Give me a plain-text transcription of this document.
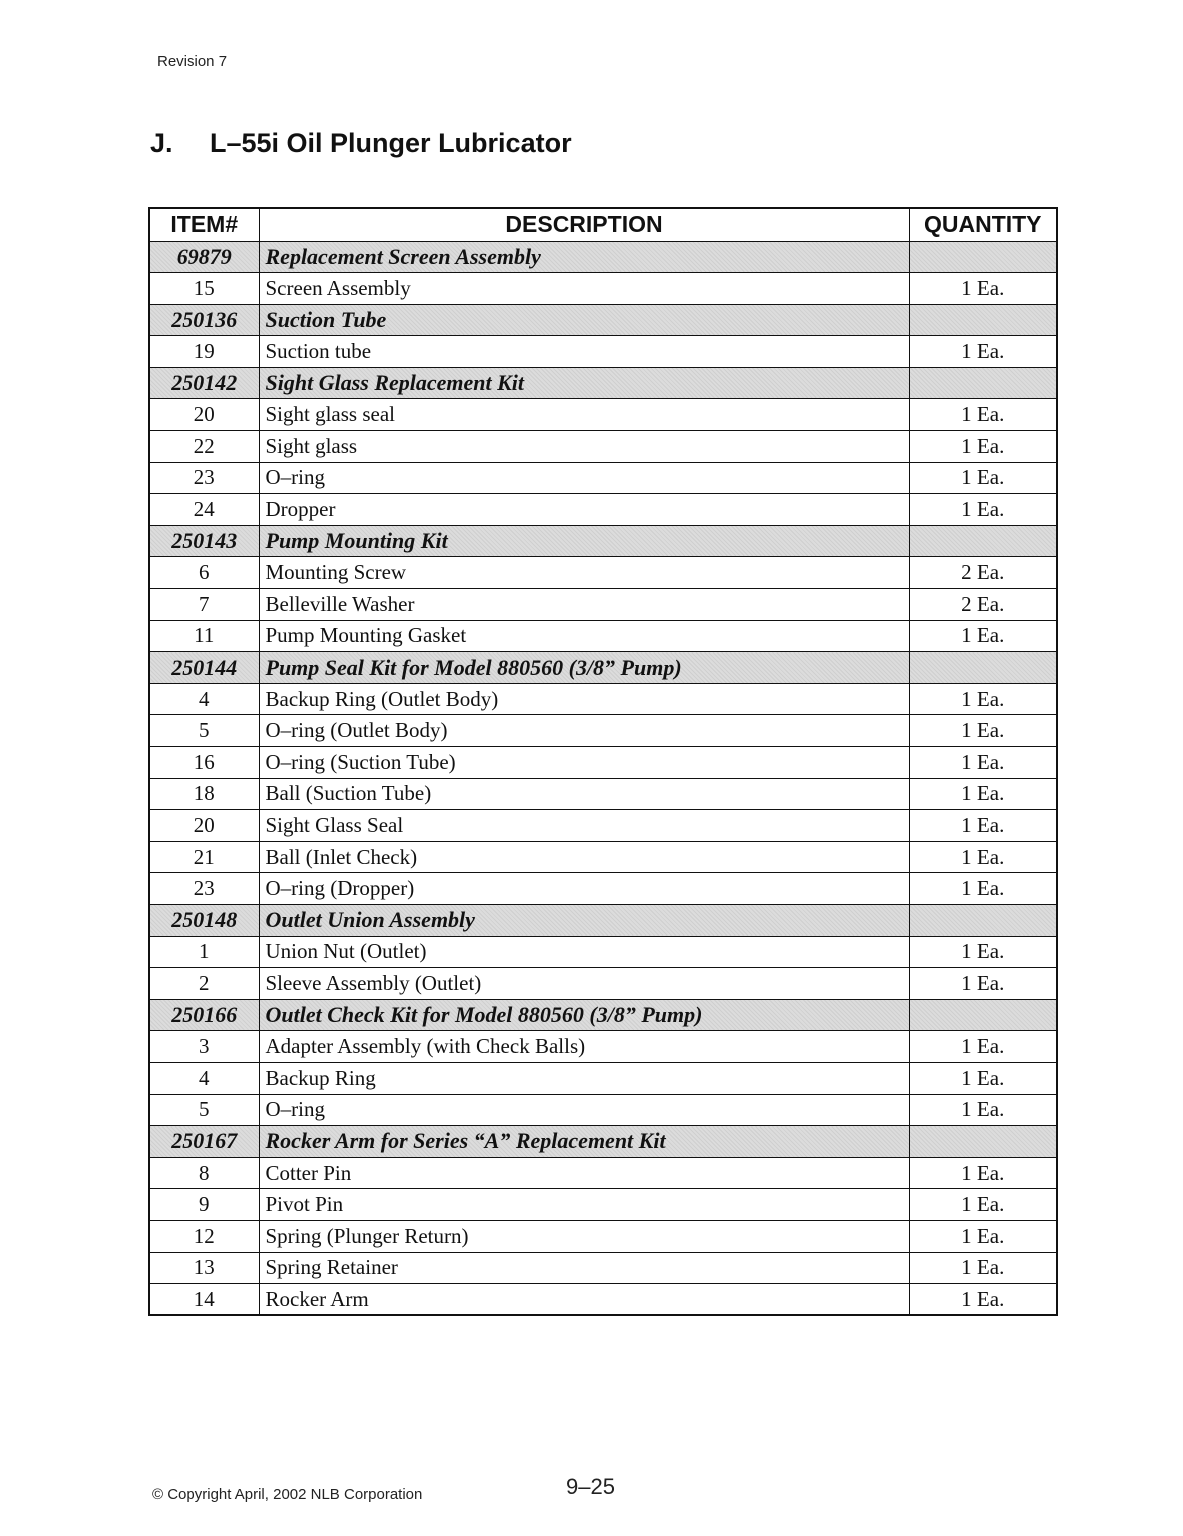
Revision 7
J. L–55i Oil Plunger Lubricator
ITEM#	DESCRIPTION	QUANTITY
69879	Replacement Screen Assembly	
15	Screen Assembly	1 Ea.
250136	Suction Tube	
19	Suction tube	1 Ea.
250142	Sight Glass Replacement Kit	
20	Sight glass seal	1 Ea.
22	Sight glass	1 Ea.
23	O–ring	1 Ea.
24	Dropper	1 Ea.
250143	Pump Mounting Kit	
6	Mounting Screw	2 Ea.
7	Belleville Washer	2 Ea.
11	Pump Mounting Gasket	1 Ea.
250144	Pump Seal Kit for Model 880560 (3/8” Pump)	
4	Backup Ring (Outlet Body)	1 Ea.
5	O–ring (Outlet Body)	1 Ea.
16	O–ring (Suction Tube)	1 Ea.
18	Ball (Suction Tube)	1 Ea.
20	Sight Glass Seal	1 Ea.
21	Ball (Inlet Check)	1 Ea.
23	O–ring (Dropper)	1 Ea.
250148	Outlet Union Assembly	
1	Union Nut (Outlet)	1 Ea.
2	Sleeve Assembly (Outlet)	1 Ea.
250166	Outlet Check Kit for Model 880560 (3/8” Pump)	
3	Adapter Assembly (with Check Balls)	1 Ea.
4	Backup Ring	1 Ea.
5	O–ring	1 Ea.
250167	Rocker Arm for Series “A” Replacement Kit	
8	Cotter Pin	1 Ea.
9	Pivot Pin	1 Ea.
12	Spring (Plunger Return)	1 Ea.
13	Spring Retainer	1 Ea.
14	Rocker Arm	1 Ea.
© Copyright April, 2002 NLB Corporation	9–25
